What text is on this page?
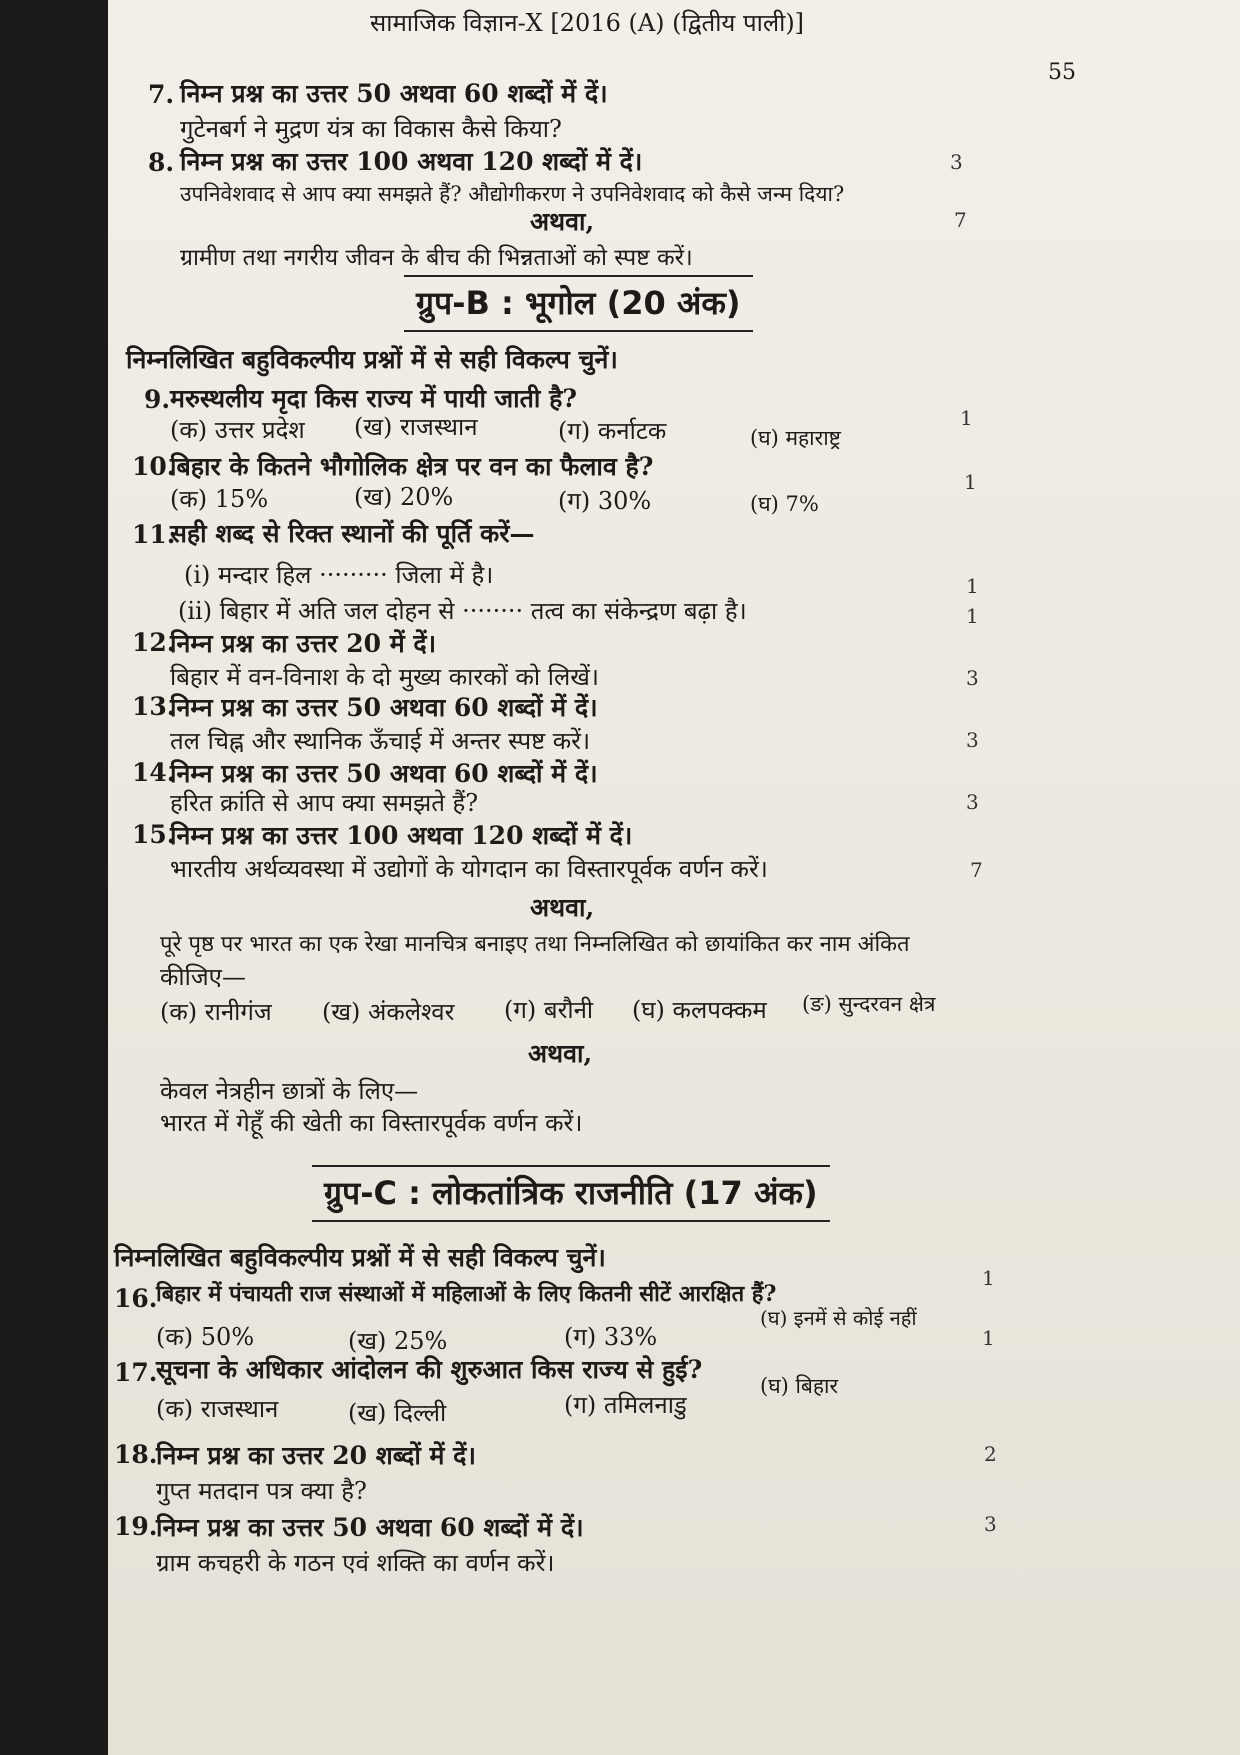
सामाजिक विज्ञान-X [2016 (A) (द्वितीय पाली)]
55
7. निम्न प्रश्न का उत्तर 50 अथवा 60 शब्दों में दें।
गुटेनबर्ग ने मुद्रण यंत्र का विकास कैसे किया?
3
8. निम्न प्रश्न का उत्तर 100 अथवा 120 शब्दों में दें।
उपनिवेशवाद से आप क्या समझते हैं? औद्योगीकरण ने उपनिवेशवाद को कैसे जन्म दिया?
7
अथवा,
ग्रामीण तथा नगरीय जीवन के बीच की भिन्नताओं को स्पष्ट करें।
ग्रुप-B : भूगोल (20 अंक)
निम्नलिखित बहुविकल्पीय प्रश्नों में से सही विकल्प चुनें।
9. मरुस्थलीय मृदा किस राज्य में पायी जाती है?
(क) उत्तर प्रदेश (ख) राजस्थान	(ग) कर्नाटक	(घ) महाराष्ट्र
1
10.
बिहार के कितने भौगोलिक क्षेत्र पर वन का फैलाव है?
(क) 15%	(ख) 20%	(ग) 30%	(घ) 7%
1
11.
सही शब्द से रिक्त स्थानों की पूर्ति करें—
(i) मन्दार हिल ········· जिला में है।
(ii) बिहार में अति जल दोहन से ········ तत्व का संकेन्द्रण बढ़ा है।
1
1
12.
निम्न प्रश्न का उत्तर 20 में दें।
बिहार में वन-विनाश के दो मुख्य कारकों को लिखें।	3
13.
निम्न प्रश्न का उत्तर 50 अथवा 60 शब्दों में दें।
तल चिह्न और स्थानिक ऊँचाई में अन्तर स्पष्ट करें।	3
14.
निम्न प्रश्न का उत्तर 50 अथवा 60 शब्दों में दें।
हरित क्रांति से आप क्या समझते हैं?	3
15.
निम्न प्रश्न का उत्तर 100 अथवा 120 शब्दों में दें।
भारतीय अर्थव्यवस्था में उद्योगों के योगदान का विस्तारपूर्वक वर्णन करें।	7
अथवा,
पूरे पृष्ठ पर भारत का एक रेखा मानचित्र बनाइए तथा निम्नलिखित को छायांकित कर नाम अंकित
कीजिए—
(क) रानीगंज (ख) अंकलेश्वर (ग) बरौनी (घ) कलपक्कम (ङ) सुन्दरवन क्षेत्र
अथवा,
केवल नेत्रहीन छात्रों के लिए—
भारत में गेहूँ की खेती का विस्तारपूर्वक वर्णन करें।
ग्रुप-C : लोकतांत्रिक राजनीति (17 अंक)
निम्नलिखित बहुविकल्पीय प्रश्नों में से सही विकल्प चुनें।
16.
बिहार में पंचायती राज संस्थाओं में महिलाओं के लिए कितनी सीटें आरक्षित हैं?
(क) 50%	(ख) 25%	(ग) 33%
(घ) इनमें से कोई नहीं
1
17.
सूचना के अधिकार आंदोलन की शुरुआत किस राज्य से हुई?
(क) राजस्थान	(ख) दिल्ली	(ग) तमिलनाडु
(घ) बिहार
1
18.
निम्न प्रश्न का उत्तर 20 शब्दों में दें।
गुप्त मतदान पत्र क्या है?
2
19.
निम्न प्रश्न का उत्तर 50 अथवा 60 शब्दों में दें।
ग्राम कचहरी के गठन एवं शक्ति का वर्णन करें।
3
